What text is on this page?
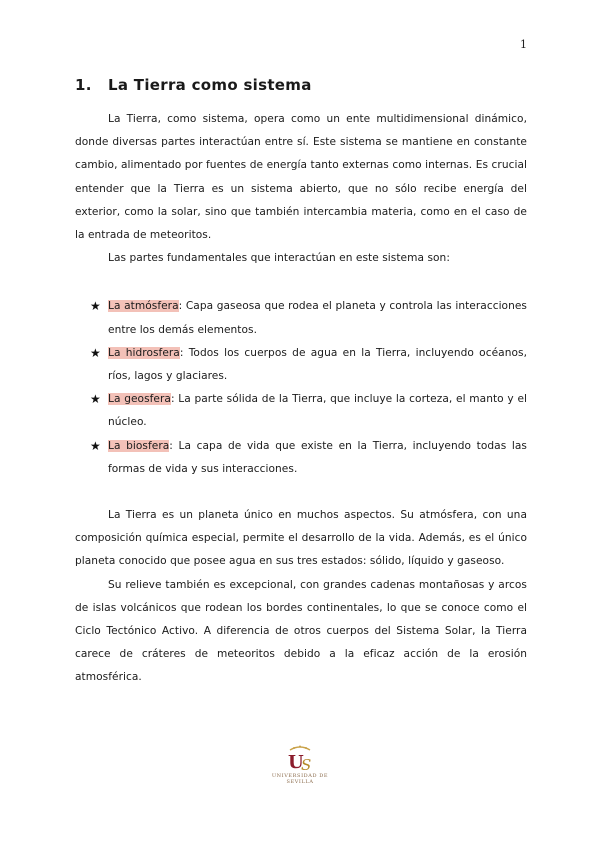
1
1. La Tierra como sistema

La Tierra, como sistema, opera como un ente multidimensional dinámico, donde diversas partes interactúan entre sí. Este sistema se mantiene en constante cambio, alimentado por fuentes de energía tanto externas como internas. Es crucial entender que la Tierra es un sistema abierto, que no sólo recibe energía del exterior, como la solar, sino que también intercambia materia, como en el caso de la entrada de meteoritos.

Las partes fundamentales que interactúan en este sistema son:

★ La atmósfera: Capa gaseosa que rodea el planeta y controla las interacciones entre los demás elementos.
★ La hidrosfera: Todos los cuerpos de agua en la Tierra, incluyendo océanos, ríos, lagos y glaciares.
★ La geosfera: La parte sólida de la Tierra, que incluye la corteza, el manto y el núcleo.
★ La biosfera: La capa de vida que existe en la Tierra, incluyendo todas las formas de vida y sus interacciones.

La Tierra es un planeta único en muchos aspectos. Su atmósfera, con una composición química especial, permite el desarrollo de la vida. Además, es el único planeta conocido que posee agua en sus tres estados: sólido, líquido y gaseoso.

Su relieve también es excepcional, con grandes cadenas montañosas y arcos de islas volcánicos que rodean los bordes continentales, lo que se conoce como el Ciclo Tectónico Activo. A diferencia de otros cuerpos del Sistema Solar, la Tierra carece de cráteres de meteoritos debido a la eficaz acción de la erosión atmosférica.

U
S
UNIVERSIDAD DE SEVILLA
